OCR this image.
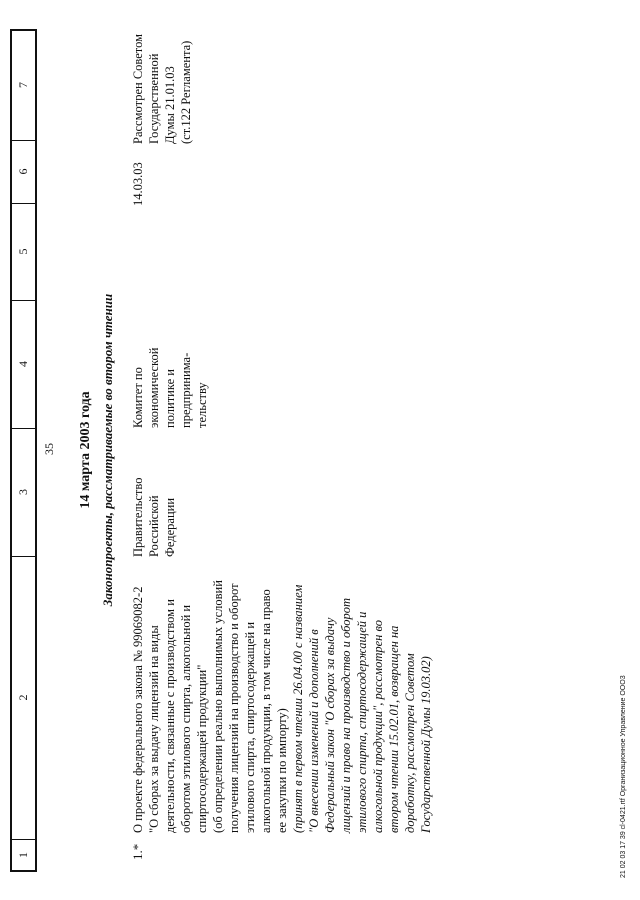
1
2
3
4
5
6
7
35 14 марта 2003 года Законопроекты, рассматриваемые во втором чтении
1.*
О проекте федерального закона № 99069082-2 "О сборах за выдачу лицензий на виды деятельности, связанные с производством и оборотом этилового спирта, алкогольной и спиртосодержащей продукции" (об определении реально выполнимых условий получения лицензий на производство и оборот этилового спирта, спиртосодержащей и алкогольной продукции, в том числе на право ее закупки по импорту) (принят в первом чтении 26.04.00 с названием "О внесении изменений и дополнений в Федеральный закон "О сборах за выдачу лицензий и право на производство и оборот этилового спирта, спиртосодержащей и алкогольной продукции", рассмотрен во втором чтении 15.02.01, возвращен на доработку, рассмотрен Советом Государственной Думы 19.03.02)
Правительство Российской Федерации
Комитет по экономической политике и предпринима- тельству
14.03.03
Рассмотрен Советом Государственной Думы 21.01.03 (ст.122 Регламента)
21 02 03 17 39 cl-0421.rtf Организационное Управление ООО3
